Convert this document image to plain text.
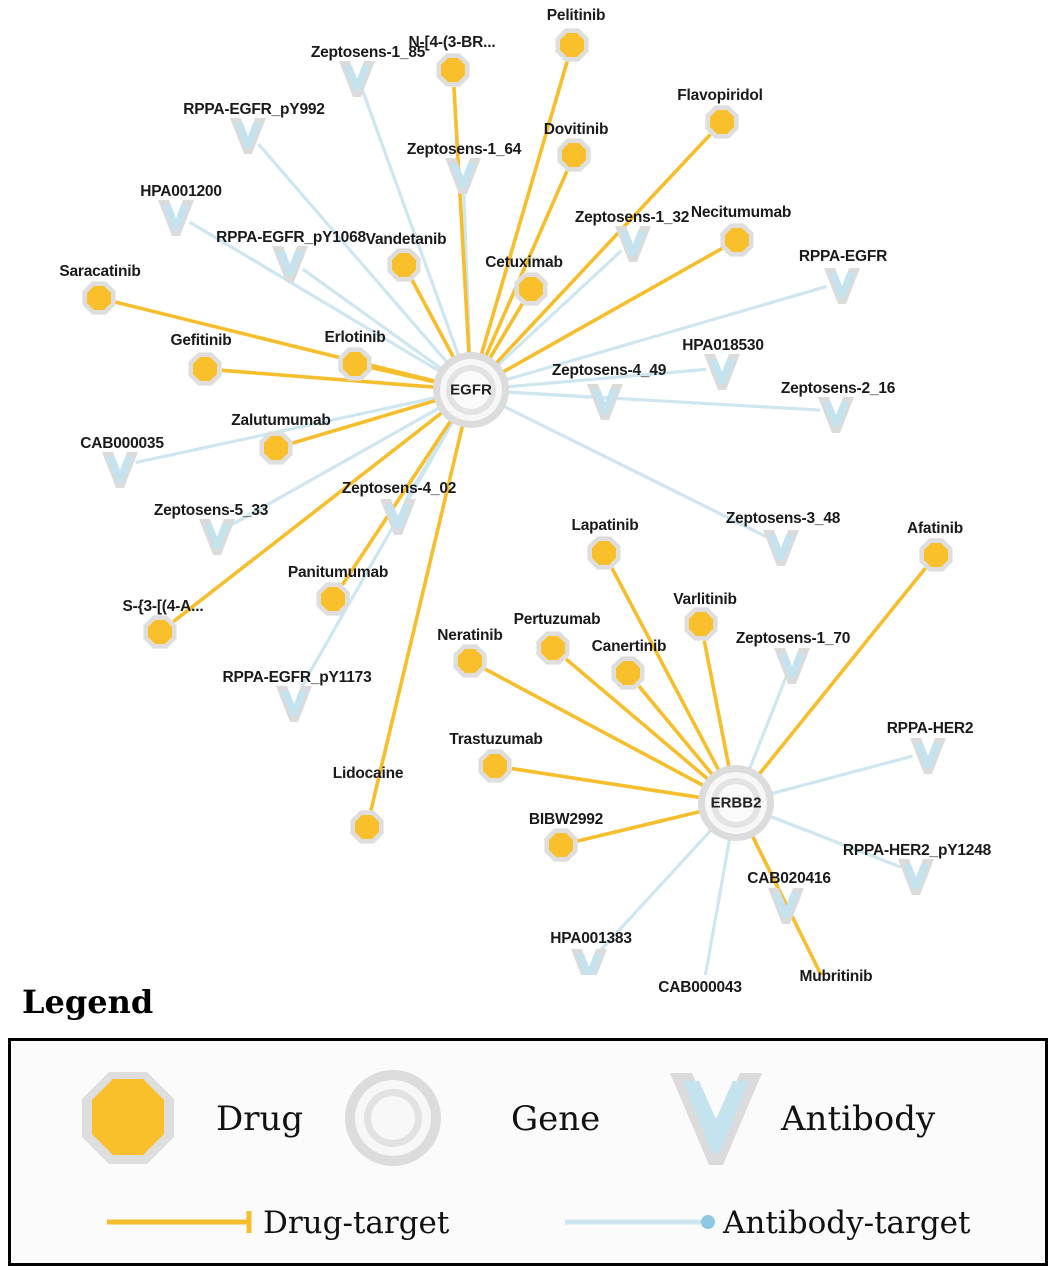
Zeptosens-1_85
RPPA-EGFR_pY992
Zeptosens-1_64
HPA001200
Zeptosens-1_32
RPPA-EGFR_pY1068
RPPA-EGFR
HPA018530
Zeptosens-4_49
Zeptosens-2_16
CAB000035
Zeptosens-4_02
Zeptosens-5_33	Zeptosens-3_48
Zeptosens-1_70
RPPA-EGFR_pY1173
RPPA-HER2
RPPA-HER2_pY1248
CAB020416
HPA001383
CAB000043
Pelitinib
N-[4-(3-BR...
Flavopiridol
Dovitinib
Necitumumab
Vandetanib
Cetuximab
Saracatinib
Erlotinib
Gefitinib
Zalutumumab
Lapatinib	Afatinib
Panitumumab
Varlitinib
S-{3-[(4-A...
Pertuzumab
Neratinib
Canertinib
Trastuzumab
Lidocaine
BIBW2992
Mubritinib
EGFR
ERBB2
Legend
Drug	Gene	Antibody
Drug-target	Antibody-target
